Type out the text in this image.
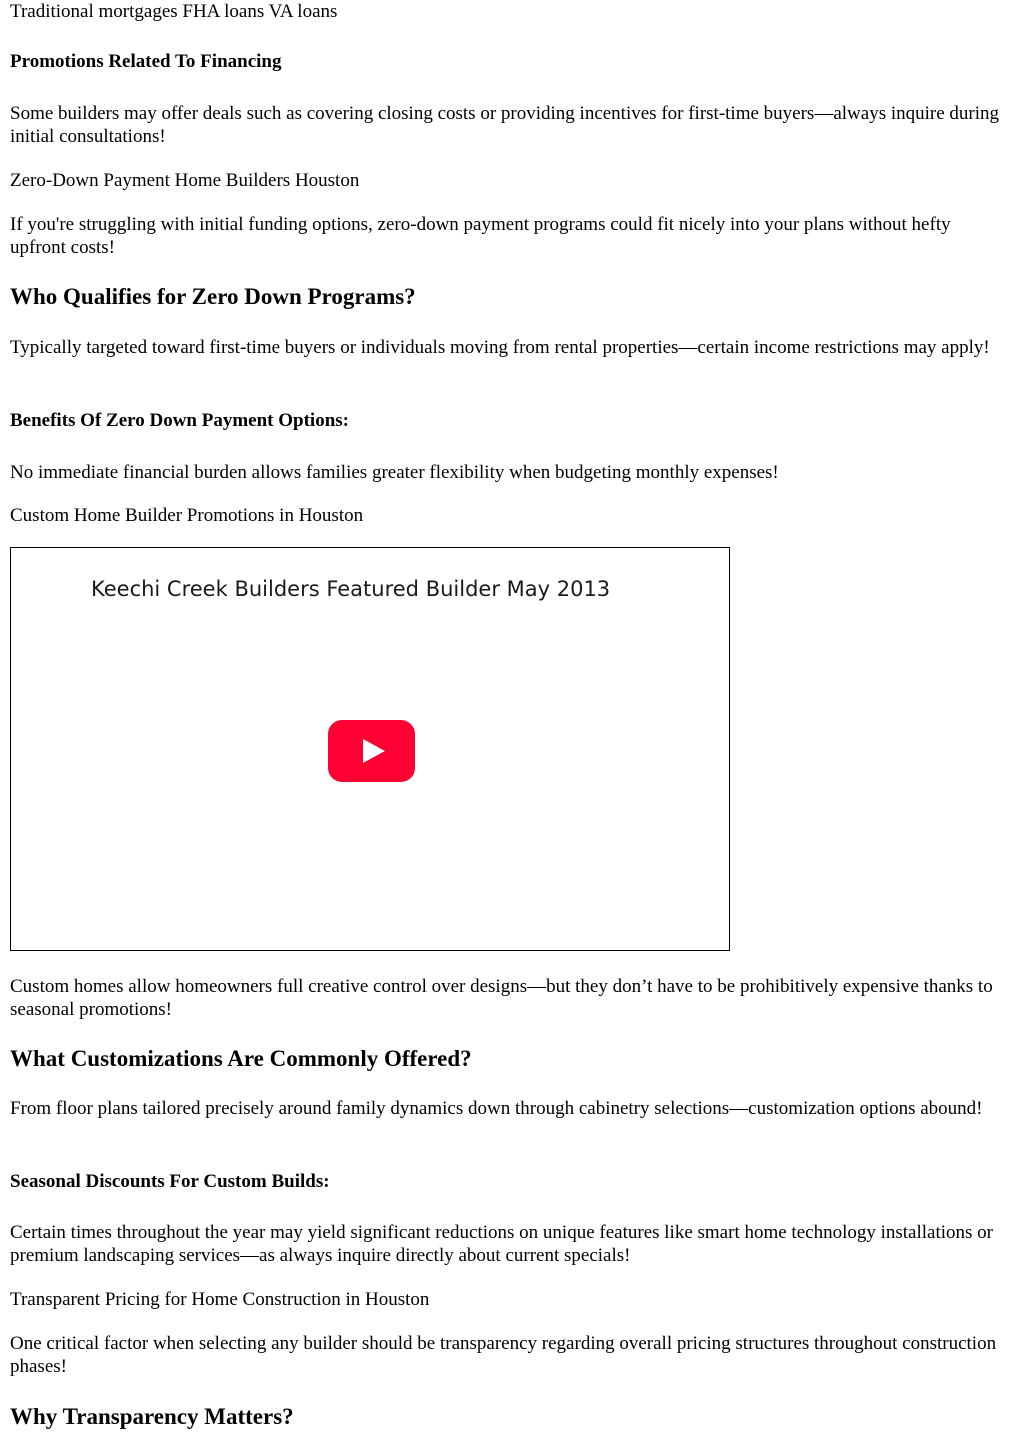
Traditional mortgages FHA loans VA loans

Promotions Related To Financing

Some builders may offer deals such as covering closing costs or providing incentives for first-time buyers—always inquire during initial consultations!

Zero-Down Payment Home Builders Houston

If you're struggling with initial funding options, zero-down payment programs could fit nicely into your plans without hefty upfront costs!

Who Qualifies for Zero Down Programs?

Typically targeted toward first-time buyers or individuals moving from rental properties—certain income restrictions may apply!

Benefits Of Zero Down Payment Options:

No immediate financial burden allows families greater flexibility when budgeting monthly expenses!

Custom Home Builder Promotions in Houston

Keechi Creek Builders Featured Builder May 2013

Custom homes allow homeowners full creative control over designs—but they don’t have to be prohibitively expensive thanks to seasonal promotions!

What Customizations Are Commonly Offered?

From floor plans tailored precisely around family dynamics down through cabinetry selections—customization options abound!

Seasonal Discounts For Custom Builds:

Certain times throughout the year may yield significant reductions on unique features like smart home technology installations or premium landscaping services—as always inquire directly about current specials!

Transparent Pricing for Home Construction in Houston

One critical factor when selecting any builder should be transparency regarding overall pricing structures throughout construction phases!

Why Transparency Matters?
